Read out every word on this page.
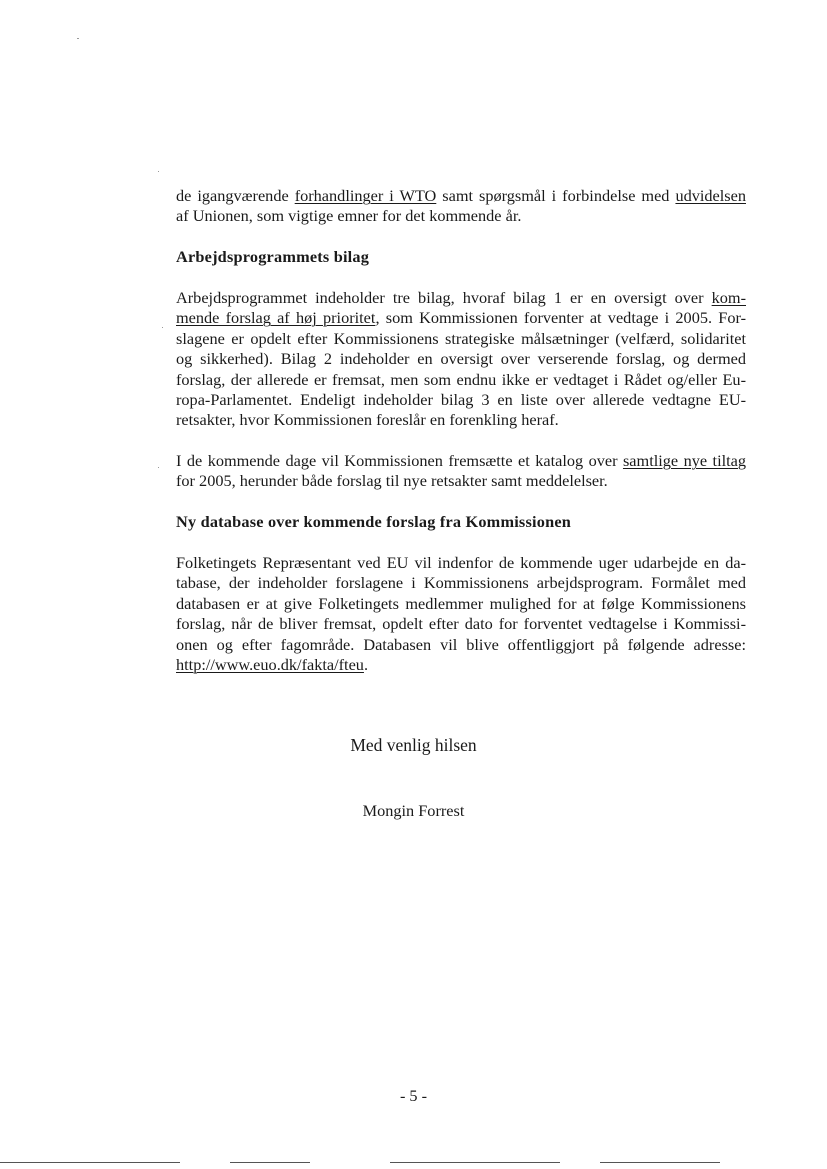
de igangværende forhandlinger i WTO samt spørgsmål i forbindelse med udvidelsen
af Unionen, som vigtige emner for det kommende år.
Arbejdsprogrammets bilag
Arbejdsprogrammet indeholder tre bilag, hvoraf bilag 1 er en oversigt over kom-
mende forslag af høj prioritet, som Kommissionen forventer at vedtage i 2005. For-
slagene er opdelt efter Kommissionens strategiske målsætninger (velfærd, solidaritet
og sikkerhed). Bilag 2 indeholder en oversigt over verserende forslag, og dermed
forslag, der allerede er fremsat, men som endnu ikke er vedtaget i Rådet og/eller Eu-
ropa-Parlamentet. Endeligt indeholder bilag 3 en liste over allerede vedtagne EU-
retsakter, hvor Kommissionen foreslår en forenkling heraf.
I de kommende dage vil Kommissionen fremsætte et katalog over samtlige nye tiltag
for 2005, herunder både forslag til nye retsakter samt meddelelser.
Ny database over kommende forslag fra Kommissionen
Folketingets Repræsentant ved EU vil indenfor de kommende uger udarbejde en da-
tabase, der indeholder forslagene i Kommissionens arbejdsprogram. Formålet med
databasen er at give Folketingets medlemmer mulighed for at følge Kommissionens
forslag, når de bliver fremsat, opdelt efter dato for forventet vedtagelse i Kommissi-
onen og efter fagområde. Databasen vil blive offentliggjort på følgende adresse:
http://www.euo.dk/fakta/fteu.
Med venlig hilsen
Mongin Forrest
- 5 -
